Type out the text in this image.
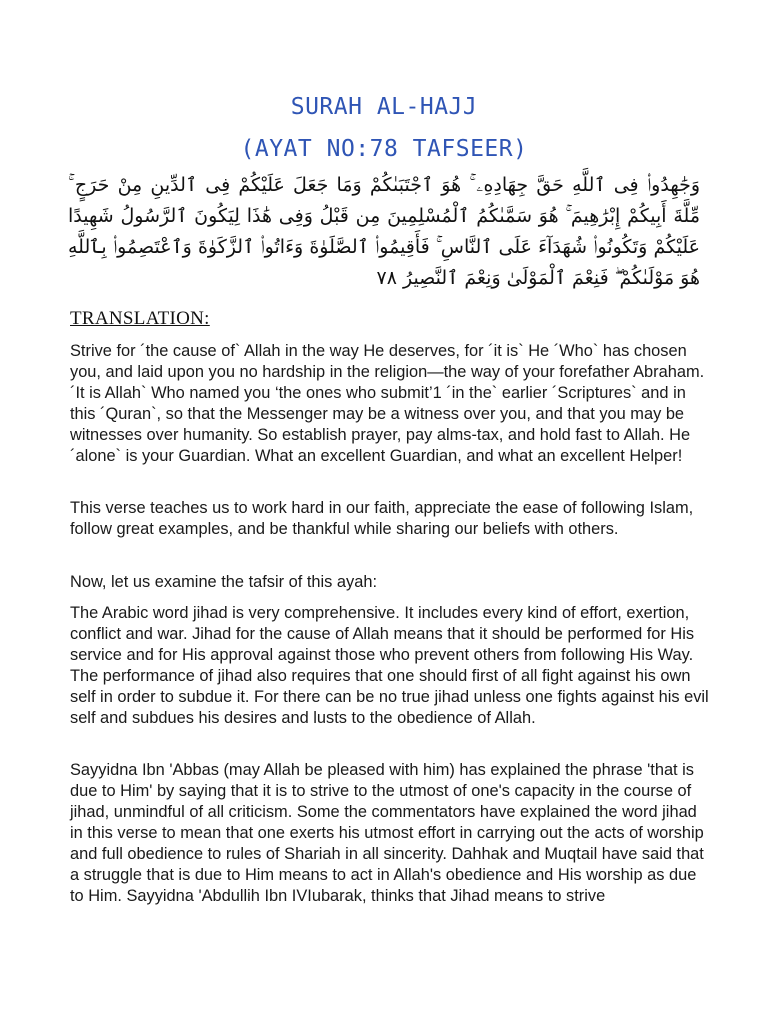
SURAH AL-HAJJ
(AYAT NO:78 TAFSEER)
وَجَٰهِدُوا۟ فِى ٱللَّهِ حَقَّ جِهَادِهِۦ ۚ هُوَ ٱجْتَبَىٰكُمْ وَمَا جَعَلَ عَلَيْكُمْ فِى ٱلدِّينِ مِنْ حَرَجٍ ۚ مِّلَّةَ أَبِيكُمْ إِبْرَٰهِيمَ ۚ هُوَ سَمَّىٰكُمُ ٱلْمُسْلِمِينَ مِن قَبْلُ وَفِى هَٰذَا لِيَكُونَ ٱلرَّسُولُ شَهِيدًا عَلَيْكُمْ وَتَكُونُوا۟ شُهَدَآءَ عَلَى ٱلنَّاسِ ۚ فَأَقِيمُوا۟ ٱلصَّلَوٰةَ وَءَاتُوا۟ ٱلزَّكَوٰةَ وَٱعْتَصِمُوا۟ بِٱللَّهِ هُوَ مَوْلَىٰكُمْ ۖ فَنِعْمَ ٱلْمَوْلَىٰ وَنِعْمَ ٱلنَّصِيرُ ٧٨
TRANSLATION:
Strive for ´the cause of` Allah in the way He deserves, for ´it is` He ´Who` has chosen you, and laid upon you no hardship in the religion—the way of your forefather Abraham. ´It is Allah` Who named you ‘the ones who submit’1 ´in the` earlier ´Scriptures` and in this ´Quran`, so that the Messenger may be a witness over you, and that you may be witnesses over humanity. So establish prayer, pay alms-tax, and hold fast to Allah. He ´alone` is your Guardian. What an excellent Guardian, and what an excellent Helper!
This verse teaches us to work hard in our faith, appreciate the ease of following Islam, follow great examples, and be thankful while sharing our beliefs with others.
Now, let us examine the tafsir of this ayah:
The Arabic word jihad is very comprehensive. It includes every kind of effort, exertion, conflict and war. Jihad for the cause of Allah means that it should be performed for His service and for His approval against those who prevent others from following His Way. The performance of jihad also requires that one should first of all fight against his own self in order to subdue it. For there can be no true jihad unless one fights against his evil self and subdues his desires and lusts to the obedience of Allah.
Sayyidna Ibn 'Abbas (may Allah be pleased with him) has explained the phrase 'that is due to Him' by saying that it is to strive to the utmost of one's capacity in the course of jihad, unmindful of all criticism. Some the commentators have explained the word jihad in this verse to mean that one exerts his utmost effort in carrying out the acts of worship and full obedience to rules of Shariah in all sincerity. Dahhak and Muqtail have said that a struggle that is due to Him means to act in Allah's obedience and His worship as due to Him. Sayyidna 'Abdullih Ibn IVIubarak, thinks that Jihad means to strive
